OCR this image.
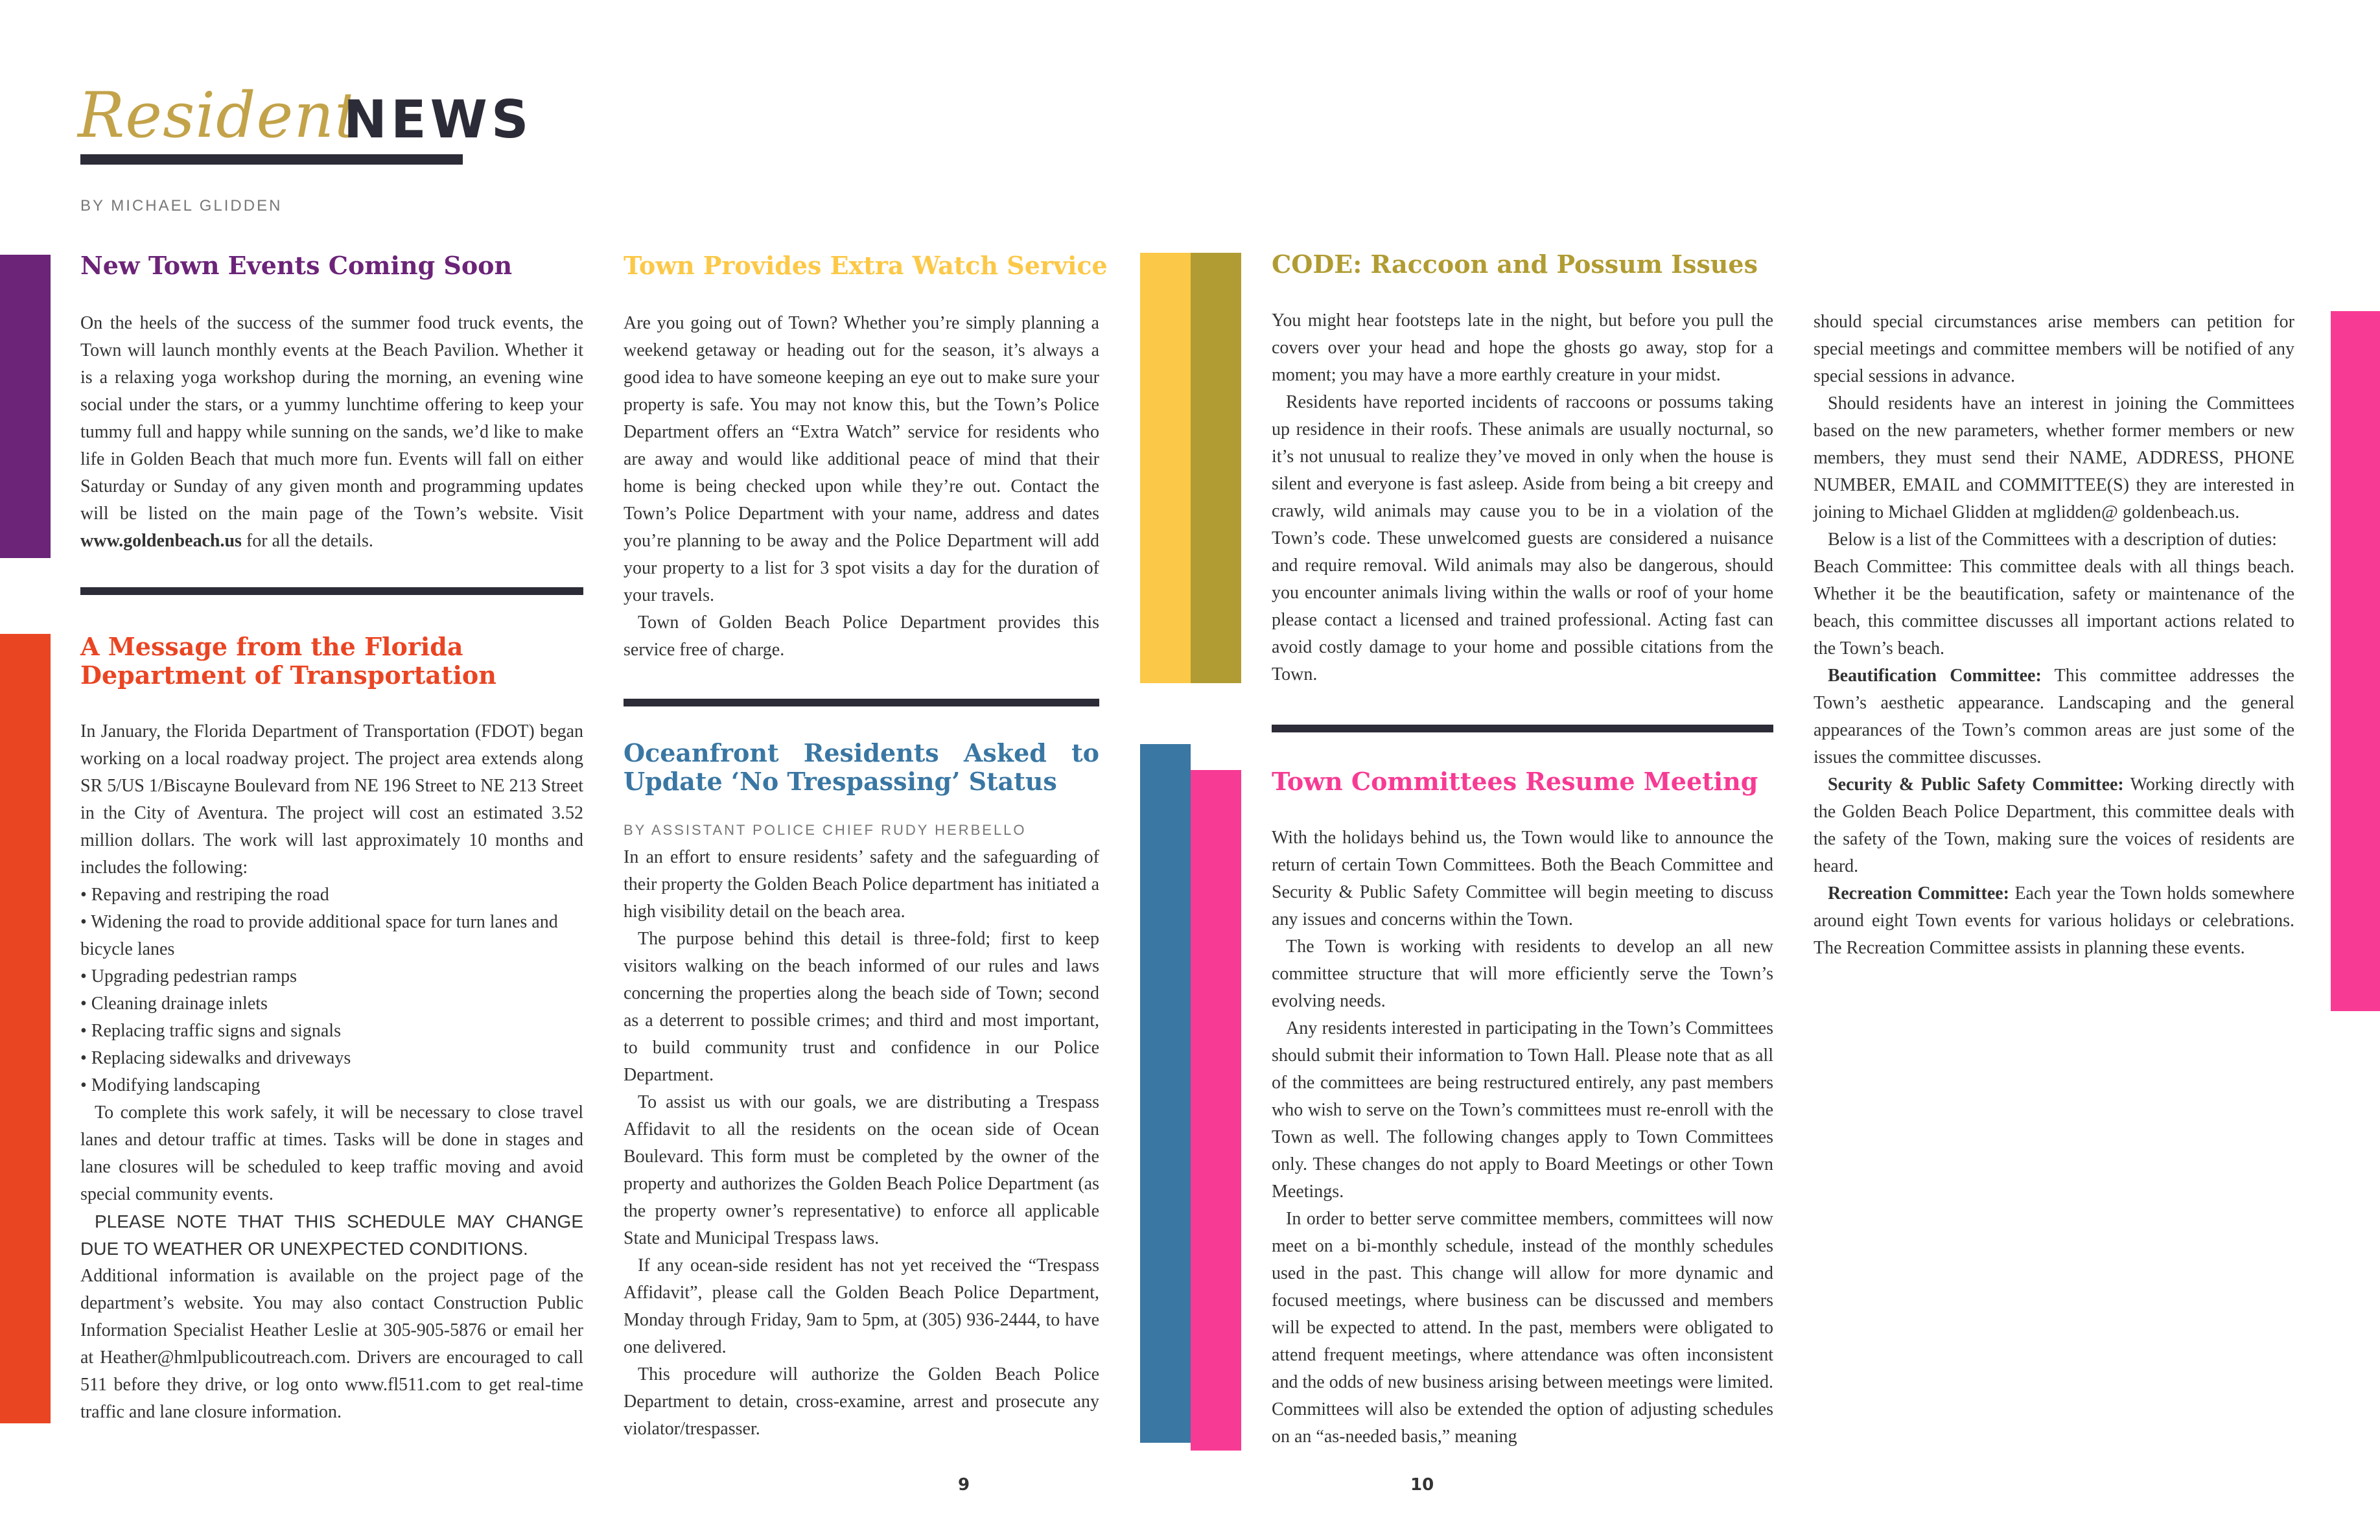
Resident
NEWS
BY MICHAEL GLIDDEN
New Town Events Coming Soon

On the heels of the success of the summer food truck events, the Town will launch monthly events at the Beach Pavilion. Whether it is a relaxing yoga workshop during the morning, an evening wine social under the stars, or a yummy lunchtime offering to keep your tummy full and happy while sunning on the sands, we’d like to make life in Golden Beach that much more fun. Events will fall on either Saturday or Sunday of any given month and programming updates will be listed on the main page of the Town’s website. Visit www.goldenbeach.us for all the details.

A Message from the Florida Department of Transportation

In January, the Florida Department of Transportation (FDOT) began working on a local roadway project. The project area extends along SR 5/US 1/Biscayne Boulevard from NE 196 Street to NE 213 Street in the City of Aventura. The project will cost an estimated 3.52 million dollars. The work will last approximately 10 months and includes the following:

• Repaving and restriping the road

• Widening the road to provide additional space for turn lanes and bicycle lanes

• Upgrading pedestrian ramps

• Cleaning drainage inlets

• Replacing traffic signs and signals

• Replacing sidewalks and driveways

• Modifying landscaping

To complete this work safely, it will be necessary to close travel lanes and detour traffic at times. Tasks will be done in stages and lane closures will be scheduled to keep traffic moving and avoid special community events.

PLEASE NOTE THAT THIS SCHEDULE MAY CHANGE DUE TO WEATHER OR UNEXPECTED CONDITIONS.

Additional information is available on the project page of the department’s website. You may also contact Construction Public Information Specialist Heather Leslie at 305-905-5876 or email her at Heather@hmlpublicoutreach.com. Drivers are encouraged to call 511 before they drive, or log onto www.fl511.com to get real-time traffic and lane closure information.

Town Provides Extra Watch Service

Are you going out of Town? Whether you’re simply planning a weekend getaway or heading out for the season, it’s always a good idea to have someone keeping an eye out to make sure your property is safe. You may not know this, but the Town’s Police Department offers an “Extra Watch” service for residents who are away and would like additional peace of mind that their home is being checked upon while they’re out. Contact the Town’s Police Department with your name, address and dates you’re planning to be away and the Police Department will add your property to a list for 3 spot visits a day for the duration of your travels.

Town of Golden Beach Police Department provides this service free of charge.

Oceanfront Residents Asked to Update ‘No Trespassing’ Status
BY ASSISTANT POLICE CHIEF RUDY HERBELLO

In an effort to ensure residents’ safety and the safeguarding of their property the Golden Beach Police department has initiated a high visibility detail on the beach area.

The purpose behind this detail is three-fold; first to keep visitors walking on the beach informed of our rules and laws concerning the properties along the beach side of Town; second as a deterrent to possible crimes; and third and most important, to build community trust and confidence in our Police Department.

To assist us with our goals, we are distributing a Trespass Affidavit to all the residents on the ocean side of Ocean Boulevard. This form must be completed by the owner of the property and authorizes the Golden Beach Police Department (as the property owner’s representative) to enforce all applicable State and Municipal Trespass laws.

If any ocean-side resident has not yet received the “Trespass Affidavit”, please call the Golden Beach Police Department, Monday through Friday, 9am to 5pm, at (305) 936-2444, to have one delivered.

This procedure will authorize the Golden Beach Police Department to detain, cross-examine, arrest and prosecute any violator/trespasser.

CODE: Raccoon and Possum Issues

You might hear footsteps late in the night, but before you pull the covers over your head and hope the ghosts go away, stop for a moment; you may have a more earthly creature in your midst.

Residents have reported incidents of raccoons or possums taking up residence in their roofs. These animals are usually nocturnal, so it’s not unusual to realize they’ve moved in only when the house is silent and everyone is fast asleep. Aside from being a bit creepy and crawly, wild animals may cause you to be in a violation of the Town’s code. These unwelcomed guests are considered a nuisance and require removal. Wild animals may also be dangerous, should you encounter animals living within the walls or roof of your home please contact a licensed and trained professional. Acting fast can avoid costly damage to your home and possible citations from the Town.

Town Committees Resume Meeting

With the holidays behind us, the Town would like to announce the return of certain Town Committees. Both the Beach Committee and Security & Public Safety Committee will begin meeting to discuss any issues and concerns within the Town.

The Town is working with residents to develop an all new committee structure that will more efficiently serve the Town’s evolving needs.

Any residents interested in participating in the Town’s Committees should submit their information to Town Hall. Please note that as all of the committees are being restructured entirely, any past members who wish to serve on the Town’s committees must re-enroll with the Town as well. The following changes apply to Town Committees only. These changes do not apply to Board Meetings or other Town Meetings.

In order to better serve committee members, committees will now meet on a bi-monthly schedule, instead of the monthly schedules used in the past. This change will allow for more dynamic and focused meetings, where business can be discussed and members will be expected to attend. In the past, members were obligated to attend frequent meetings, where attendance was often inconsistent and the odds of new business arising between meetings were limited. Committees will also be extended the option of adjusting schedules on an “as-needed basis,” meaning

should special circumstances arise members can petition for special meetings and committee members will be notified of any special sessions in advance.

Should residents have an interest in joining the Committees based on the new parameters, whether former members or new members, they must send their NAME, ADDRESS, PHONE NUMBER, EMAIL and COMMITTEE(S) they are interested in joining to Michael Glidden at mglidden@ goldenbeach.us.

Below is a list of the Committees with a description of duties:

Beach Committee: This committee deals with all things beach. Whether it be the beautification, safety or maintenance of the beach, this committee discusses all important actions related to the Town’s beach.

Beautification Committee: This committee addresses the Town’s aesthetic appearance. Landscaping and the general appearances of the Town’s common areas are just some of the issues the committee discusses.

Security & Public Safety Committee: Working directly with the Golden Beach Police Department, this committee deals with the safety of the Town, making sure the voices of residents are heard.

Recreation Committee: Each year the Town holds somewhere around eight Town events for various holidays or celebrations. The Recreation Committee assists in planning these events.

9	10
